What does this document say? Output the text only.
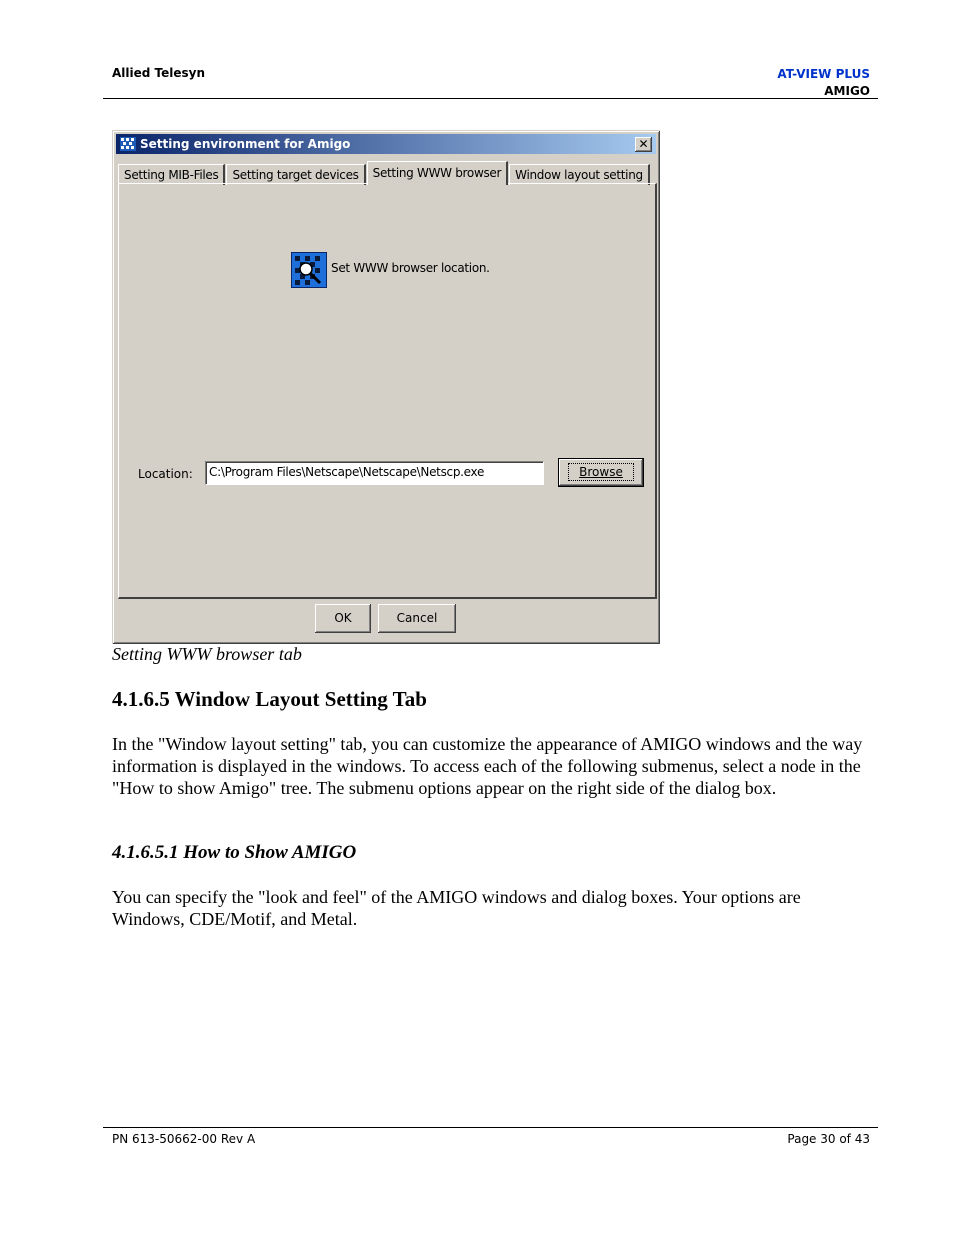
Allied Telesyn	AT-VIEW PLUS
AMIGO
Setting environment for Amigo	✕
Setting MIB-Files	Setting target devices	Setting WWW browser	Window layout setting
Set WWW browser location.
Location:	C:\Program Files\Netscape\Netscape\Netscp.exe	Browse
OK	Cancel
Setting WWW browser tab
4.1.6.5 Window Layout Setting Tab

In the "Window layout setting" tab, you can customize the appearance of AMIGO windows and the way information is displayed in the windows. To access each of the following submenus, select a node in the "How to show Amigo" tree. The submenu options appear on the right side of the dialog box.

4.1.6.5.1 How to Show AMIGO

You can specify the "look and feel" of the AMIGO windows and dialog boxes. Your options are Windows, CDE/Motif, and Metal.

PN 613-50662-00 Rev A	Page 30 of 43
